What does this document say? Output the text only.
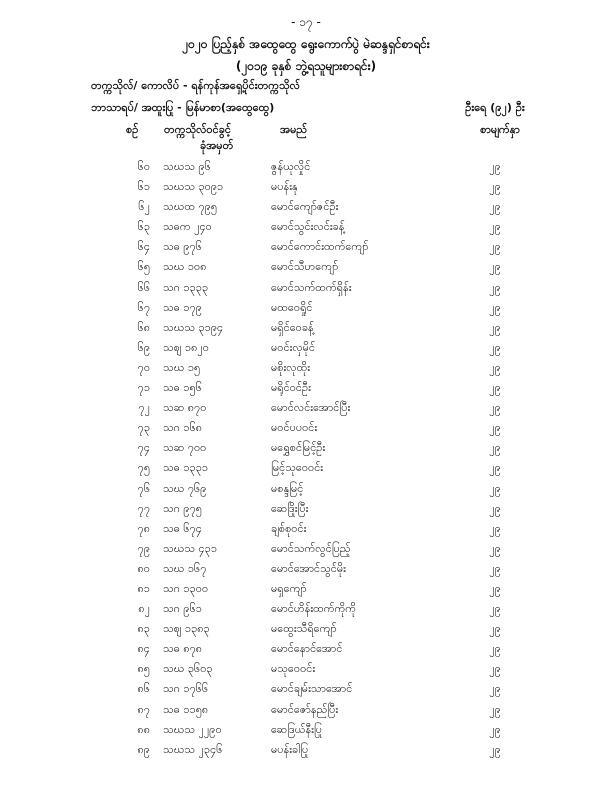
- ၁၇ -
၂၀၂၀ ပြည့်နှစ် အထွေထွေ ရွေးကောက်ပွဲ မဲဆန္ဒရှင်စာရင်း
(၂၀၁၉ ခုနှစ် ဘွဲ့ရသူများစာရင်း)
တက္ကသိုလ်/ ကောလိပ် - ရန်ကုန်အရှေ့ပိုင်းတက္ကသိုလ်
ဘာသာရပ်/ အထူးပြု - မြန်မာစာ(အထွေထွေ)	ဦးရေ (၉၂) ဦး
စဉ် တက္ကသိုလ်ဝင်ခွင့်
ခုံအမှတ်
အမည်	စာမျက်နှာ
၆၀ သဃသ ၉၆	ဇွန်ယုလှိုင်	၂၉
၆၁ သဃသ ၃၀၉၁	မပန်းနု	၂၉
၆၂ သဃထ ၇၉၅	မောင်ကျော်ဇင်ဦး	၂၉
၆၃ သဓက ၂၄၀	မောင်သွင်းလင်းခန့်	၂၉
၆၄ သဓ ၉၇၆	မောင်ကောင်းထက်ကျော်	၂၉
၆၅ သဃ ၁၀၈	မောင်သီဟကျော်	၂၉
၆၆ သဂ ၁၃၃၃	မောင်သက်ထက်ရှိန်း	၂၉
၆၇ သဓ ၁၇၉	မထဝေရှိုင်	၂၉
၆၈ သဃသ ၃၁၉၄	မရှိင်ဝေခန့်	၂၉
၆၉ သဈ ၁၈၂၀	မဝင်းလှမိုင်	၂၉
၇၀ သဃ ၁၅	မစိုးလုထိုး	၂၉
၇၁ သဓ ၁၅၆	မရိုင်ဝင်ဦး	၂၉
၇၂ သဆ ၈၇၀	မောင်လင်းအောင်ပြီး	၂၉
၇၃ သဂ ၁၆၈	မဝင်ပပဝင်း	၂၉
၇၄ သဆ ၇၀၀	မရွှေစင်မြင့်ဦး	၂၉
၇၅ သဓ ၁၃၃၁	မြင့်သုဝေဝင်း	၂၉
၇၆ သဃ ၇၆၉	မစန္ဒမြင့်	၂၉
၇၇ သဂ ၉၇၅	ဆေဒြိုးပြီး	၂၉
၇၈ သဓ ၆၇၄	ချစ်စုဝင်း	၂၉
၇၉ သဃသ ၄၃၁	မောင်သက်လွင်ပြည့်	၂၉
၈၀ သဃ ၁၆၇	မောင်အောင်သွင်မိုး	၂၉
၈၁ သဂ ၁၃၀၀	မရှကျော်	၂၉
၈၂ သဂ ၉၆၁	မောင်ဟိန်းထက်ကိုကို	၂၉
၈၃ သဈ ၁၃၈၃	မထွေးသီရိကျော်	၂၉
၈၄ သဓ ၈၇၈	မောင်နောင်အောင်	၂၉
၈၅ သဃ ၃၆၀၃	မသုဝေဝင်း	၂၉
၈၆ သဂ ၁၇၆၆	မောင်ချမ်းသာအောင်	၂၉
၈၇ သဓ ၁၁၅၈	မောင်ဇော်နည်ပြီး	၂၉
၈၈ သဃသ ၂၂၉၀	ဆေဒြယ်နီးပြု	၂၉
၈၉ သဃသ ၂၃၄၆	မပန်းခါပြု	၂၉
